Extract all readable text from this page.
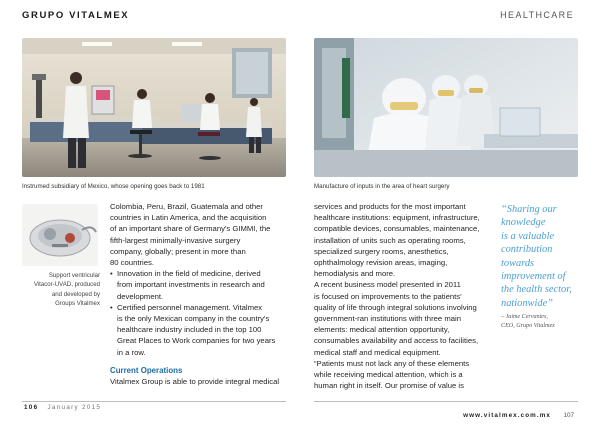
GRUPO VITALMEX	HEALTHCARE
Instrumed subsidiary of Mexico, whose opening goes back to 1981	Manufacture of inputs in the area of heart surgery
Support ventricular
Vitacor-UVAD, produced
and developed by
Groups Vitalmex

Colombia, Peru, Brazil, Guatemala and other
countries in Latin America, and the acquisition
of an important share of Germany's GIMMI, the
fifth-largest minimally-invasive surgery
company, globally; present in more than
80 countries.

• Innovation in the field of medicine, derived
from important investments in research and
development.
• Certified personnel management. Vitalmex
is the only Mexican company in the country's
healthcare industry included in the top 100
Great Places to Work companies for two years
in a row.

Current Operations

Vitalmex Group is able to provide integral medical

services and products for the most important
healthcare institutions: equipment, infrastructure,
compatible devices, consumables, maintenance,
installation of units such as operating rooms,
specialized surgery rooms, anesthetics,
ophthalmology revision areas, imaging,
hemodialysis and more.
A recent business model presented in 2011
is focused on improvements to the patients'
quality of life through integral solutions involving
government-ran institutions with three main
elements: medical attention opportunity,
consumables availability and access to facilities,
medical staff and medical equipment.
“Patients must not lack any of these elements
while receiving medical attention, which is a
human right in itself. Our promise of value is
“Sharing our
knowledge
is a valuable
contribution
towards
improvement of
the health sector,
nationwide”
– Jaime Cervantes,
CEO, Grupo Vitalmex
106 January 2015
www.vitalmex.com.mx 107
